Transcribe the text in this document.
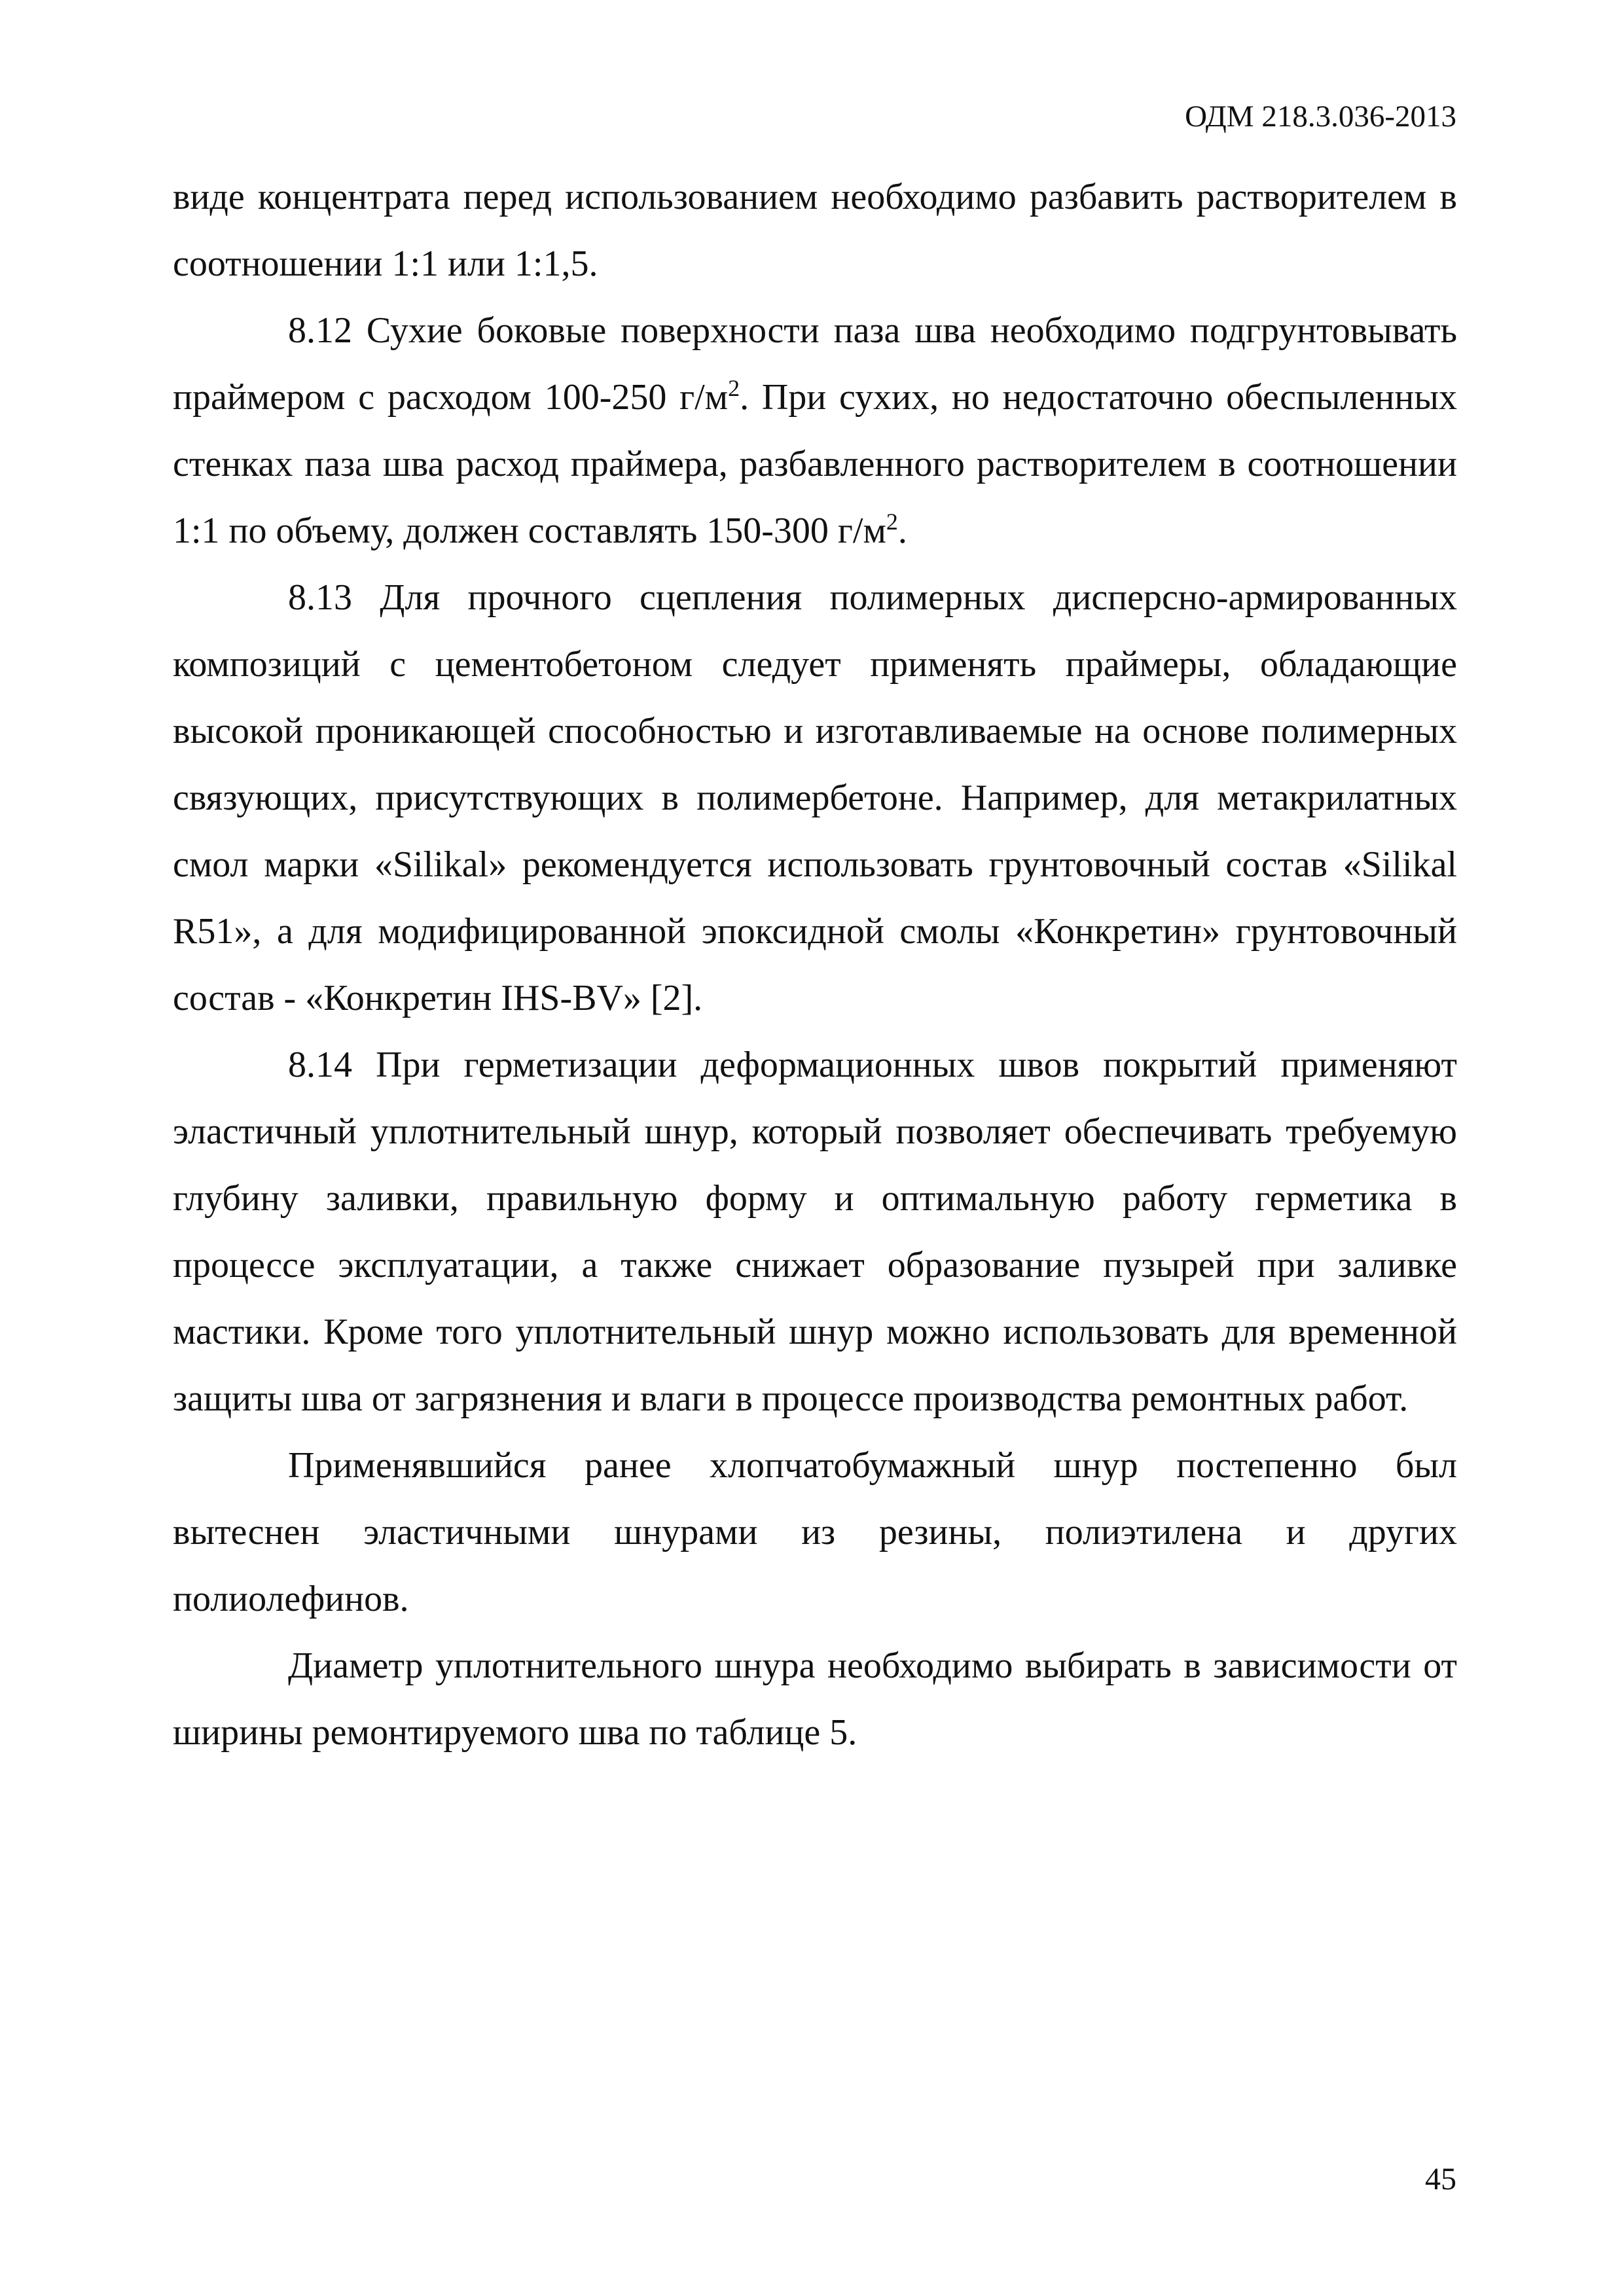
ОДМ 218.3.036-2013

виде концентрата перед использованием необходимо разбавить растворителем в соотношении 1:1 или 1:1,5.

8.12 Сухие боковые поверхности паза шва необходимо подгрунтовывать праймером с расходом 100-250 $г/м^2$. При сухих, но недостаточно обеспыленных стенках паза шва расход праймера, разбавленного растворителем в соотношении 1:1 по объему, должен составлять 150-300 $г/м^2$.

8.13 Для прочного сцепления полимерных дисперсно-армированных композиций с цементобетоном следует применять праймеры, обладающие высокой проникающей способностью и изготавливаемые на основе полимерных связующих, присутствующих в полимербетоне. Например, для метакрилатных смол марки «Silikal» рекомендуется использовать грунтовочный состав «Silikal R51», а для модифицированной эпоксидной смолы «Конкретин» грунтовочный состав - «Конкретин IHS-BV» [2].

8.14 При герметизации деформационных швов покрытий применяют эластичный уплотнительный шнур, который позволяет обеспечивать требуемую глубину заливки, правильную форму и оптимальную работу герметика в процессе эксплуатации, а также снижает образование пузырей при заливке мастики. Кроме того уплотнительный шнур можно использовать для временной защиты шва от загрязнения и влаги в процессе производства ремонтных работ.

Применявшийся ранее хлопчатобумажный шнур постепенно был вытеснен эластичными шнурами из резины, полиэтилена и других полиолефинов.

Диаметр уплотнительного шнура необходимо выбирать в зависимости от ширины ремонтируемого шва по таблице 5.

45
